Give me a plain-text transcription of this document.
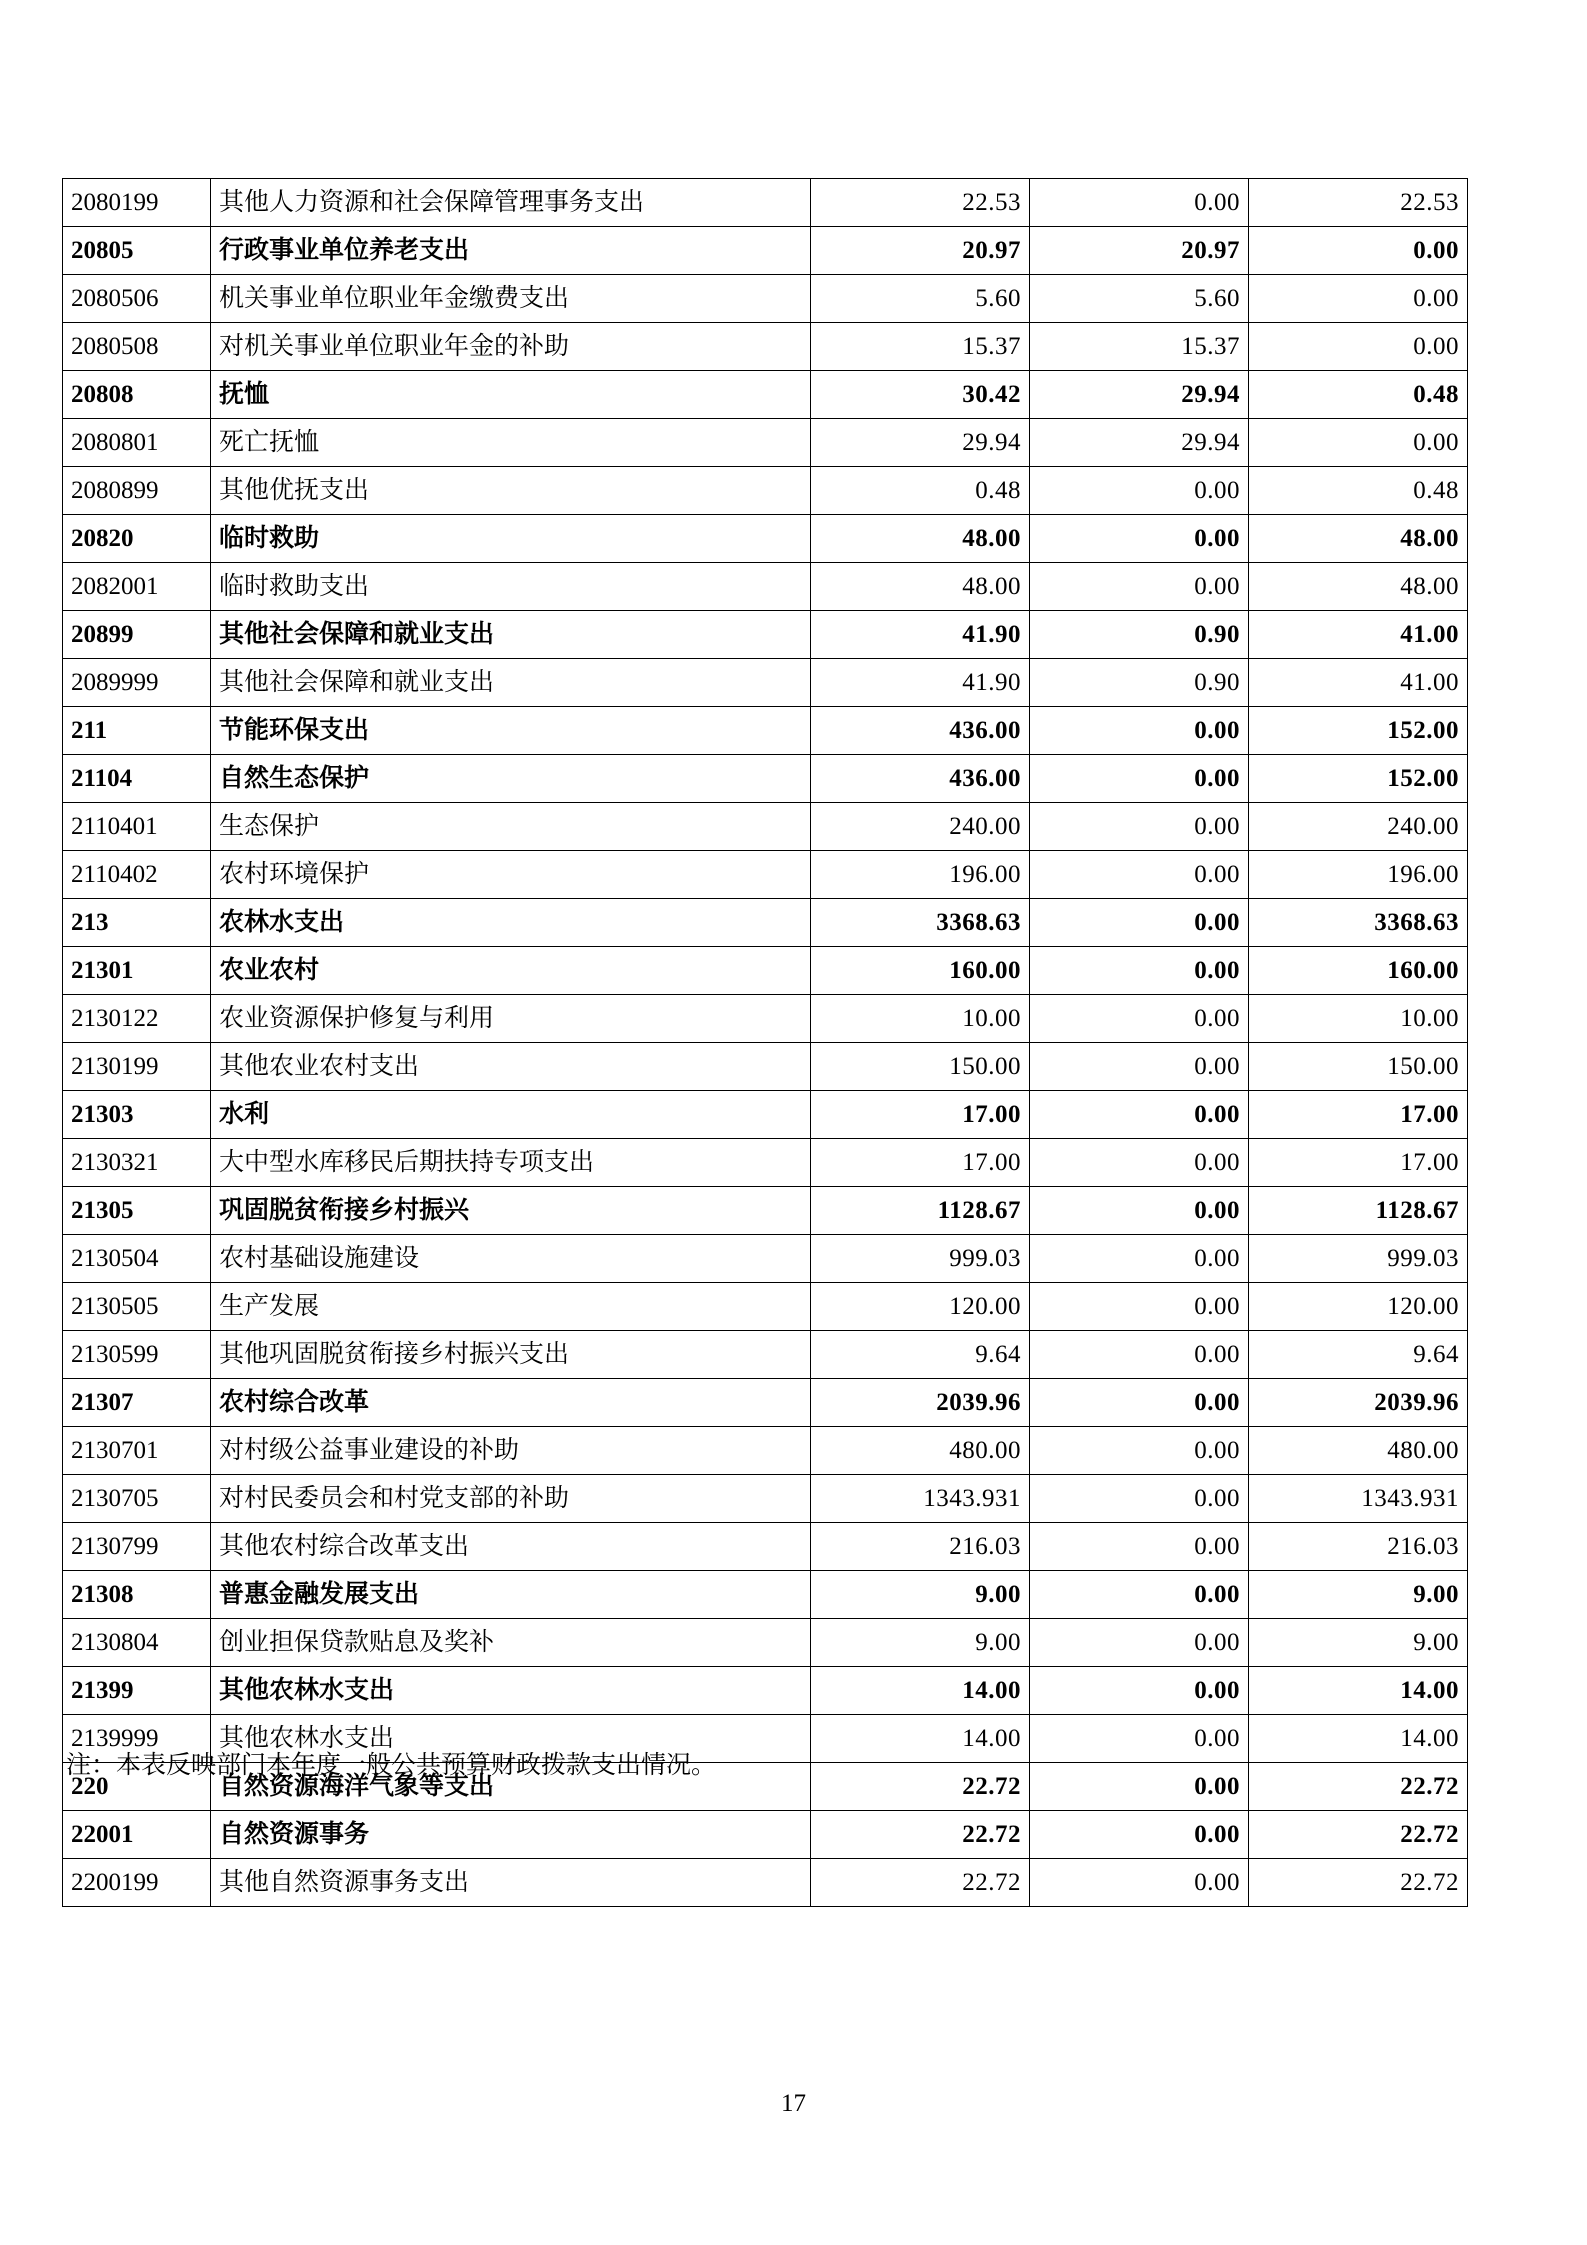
2080199	其他人力资源和社会保障管理事务支出	22.53	0.00	22.53
20805	行政事业单位养老支出	20.97	20.97	0.00
2080506	机关事业单位职业年金缴费支出	5.60	5.60	0.00
2080508	对机关事业单位职业年金的补助	15.37	15.37	0.00
20808	抚恤	30.42	29.94	0.48
2080801	死亡抚恤	29.94	29.94	0.00
2080899	其他优抚支出	0.48	0.00	0.48
20820	临时救助	48.00	0.00	48.00
2082001	临时救助支出	48.00	0.00	48.00
20899	其他社会保障和就业支出	41.90	0.90	41.00
2089999	其他社会保障和就业支出	41.90	0.90	41.00
211	节能环保支出	436.00	0.00	152.00
21104	自然生态保护	436.00	0.00	152.00
2110401	生态保护	240.00	0.00	240.00
2110402	农村环境保护	196.00	0.00	196.00
213	农林水支出	3368.63	0.00	3368.63
21301	农业农村	160.00	0.00	160.00
2130122	农业资源保护修复与利用	10.00	0.00	10.00
2130199	其他农业农村支出	150.00	0.00	150.00
21303	水利	17.00	0.00	17.00
2130321	大中型水库移民后期扶持专项支出	17.00	0.00	17.00
21305	巩固脱贫衔接乡村振兴	1128.67	0.00	1128.67
2130504	农村基础设施建设	999.03	0.00	999.03
2130505	生产发展	120.00	0.00	120.00
2130599	其他巩固脱贫衔接乡村振兴支出	9.64	0.00	9.64
21307	农村综合改革	2039.96	0.00	2039.96
2130701	对村级公益事业建设的补助	480.00	0.00	480.00
2130705	对村民委员会和村党支部的补助	1343.931	0.00	1343.931
2130799	其他农村综合改革支出	216.03	0.00	216.03
21308	普惠金融发展支出	9.00	0.00	9.00
2130804	创业担保贷款贴息及奖补	9.00	0.00	9.00
21399	其他农林水支出	14.00	0.00	14.00
2139999	其他农林水支出	14.00	0.00	14.00
220	自然资源海洋气象等支出	22.72	0.00	22.72
22001	自然资源事务	22.72	0.00	22.72
2200199	其他自然资源事务支出	22.72	0.00	22.72
注：本表反映部门本年度一般公共预算财政拨款支出情况。
17
